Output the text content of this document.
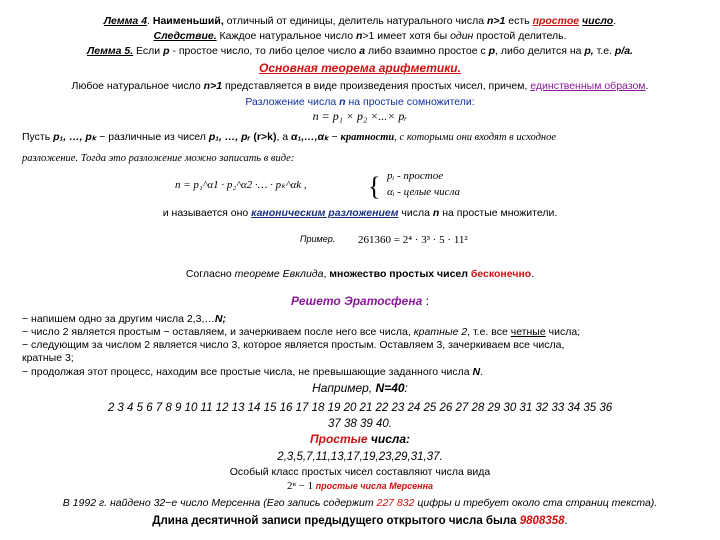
Лемма 4. Наименьший, отличный от единицы, делитель натурального числа n>1 есть простое число.
Следствие. Каждое натуральное число n>1 имеет хотя бы один простой делитель.
Лемма 5. Если p - простое число, то либо целое число a либо взаимно простое с p, либо делится на p, т.е. p/a.
Основная теорема арифметики.
Любое натуральное число n>1 представляется в виде произведения простых чисел, причем, единственным образом.
Разложение числа n на простые сомножители:
n = p₁ × p₂ ×...× pᵣ
Пусть p₁, …, pₖ − различные из чисел p₁, …, pᵣ (r>k), а α₁,…,αₖ − кратности, с которыми они входят в исходное
разложение. Тогда это разложение можно записать в виде:
n = p₁^α1 · p₂^α2 ·… · pₖ^αk , { pᵢ - простое
αᵢ - целые числа
и называется оно каноническим разложением числа n на простые множители.
Пример. 261360 = 2⁴ · 3³ · 5 · 11²
Согласно теореме Евклида, множество простых чисел бесконечно.
Решето Эратосфена :
− напишем одно за другим числа 2,3,…N;
− число 2 является простым − оставляем, и зачеркиваем после него все числа, кратные 2, т.е. все четные числа;
− следующим за числом 2 является число 3, которое является простым. Оставляем 3, зачеркиваем все числа,
кратные 3;
− продолжая этот процесс, находим все простые числа, не превышающие заданного числа N.
Например, N=40:
2 3 4 5 6 7 8 9 10 11 12 13 14 15 16 17 18 19 20 21 22 23 24 25 26 27 28 29 30 31 32 33 34 35 36
37 38 39 40.
Простые числа:
2,3,5,7,11,13,17,19,23,29,31,37.
Особый класс простых чисел составляют числа вида
2ⁿ − 1 простые числа Мерсенна
В 1992 г. найдено 32−е число Мерсенна (Его запись содержит 227 832 цифры и требует около ста страниц текста).
Длина десятичной записи предыдущего открытого числа была 9808358.
